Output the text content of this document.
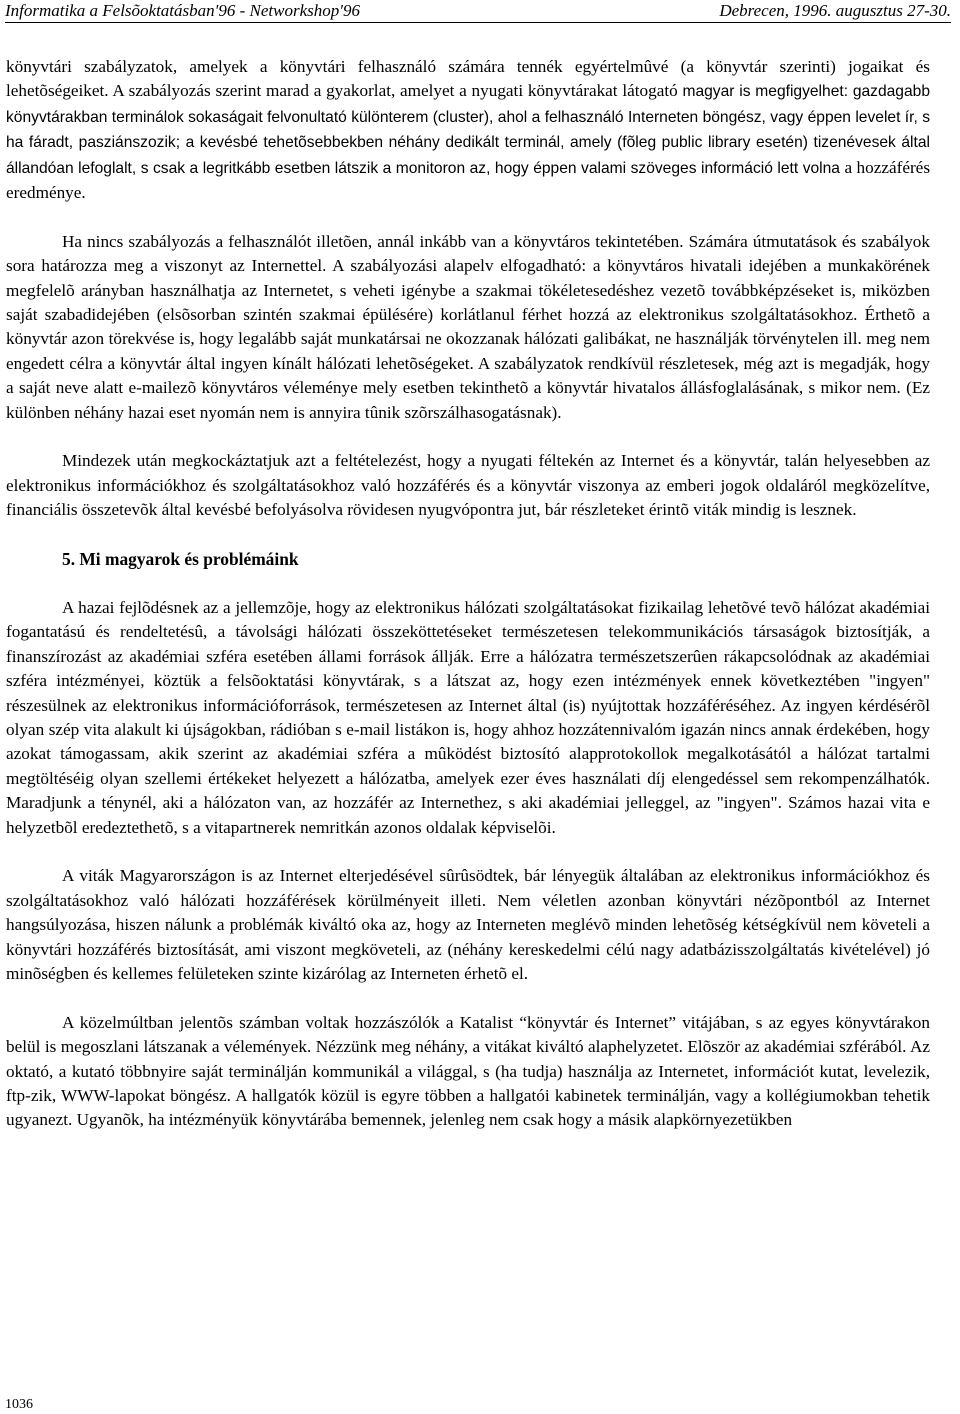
Informatika a Felsõoktatásban′96 - Networkshop′96	Debrecen, 1996. augusztus 27-30.

könyvtári szabályzatok, amelyek a könyvtári felhasználó számára tennék egyértelmûvé (a könyvtár szerinti) jogaikat és lehetõségeiket. A szabályozás szerint marad a gyakorlat, amelyet a nyugati könyvtárakat látogató magyar is megfigyelhet: gazdagabb könyvtárakban terminálok sokaságait felvonultató különterem (cluster), ahol a felhasználó Interneten böngész, vagy éppen levelet ír, s ha fáradt, pasziánszozik; a kevésbé tehetõsebbekben néhány dedikált terminál, amely (fõleg public library esetén) tizenévesek által állandóan lefoglalt, s csak a legritkább esetben látszik a monitoron az, hogy éppen valami szöveges információ lett volna a hozzáférés eredménye.

Ha nincs szabályozás a felhasználót illetõen, annál inkább van a könyvtáros tekintetében. Számára útmutatások és szabályok sora határozza meg a viszonyt az Internettel. A szabályozási alapelv elfogadható: a könyvtáros hivatali idejében a munkakörének megfelelõ arányban használhatja az Internetet, s veheti igénybe a szakmai tökéletesedéshez vezetõ továbbképzéseket is, miközben saját szabadidejében (elsõsorban szintén szakmai épülésére) korlátlanul férhet hozzá az elektronikus szolgáltatásokhoz. Érthetõ a könyvtár azon törekvése is, hogy legalább saját munkatársai ne okozzanak hálózati galibákat, ne használják törvénytelen ill. meg nem engedett célra a könyvtár által ingyen kínált hálózati lehetõségeket. A szabályzatok rendkívül részletesek, még azt is megadják, hogy a saját neve alatt e-mailezõ könyvtáros véleménye mely esetben tekinthetõ a könyvtár hivatalos állásfoglalásának, s mikor nem. (Ez különben néhány hazai eset nyomán nem is annyira tûnik szõrszálhasogatásnak).

Mindezek után megkockáztatjuk azt a feltételezést, hogy a nyugati féltekén az Internet és a könyvtár, talán helyesebben az elektronikus információkhoz és szolgáltatásokhoz való hozzáférés és a könyvtár viszonya az emberi jogok oldaláról megközelítve, financiális összetevõk által kevésbé befolyásolva rövidesen nyugvópontra jut, bár részleteket érintõ viták mindig is lesznek.

5. Mi magyarok és problémáink

A hazai fejlõdésnek az a jellemzõje, hogy az elektronikus hálózati szolgáltatásokat fizikailag lehetõvé tevõ hálózat akadémiai fogantatású és rendeltetésû, a távolsági hálózati összeköttetéseket természetesen telekommunikációs társaságok biztosítják, a finanszírozást az akadémiai szféra esetében állami források állják. Erre a hálózatra természetszerûen rákapcsolódnak az akadémiai szféra intézményei, köztük a felsõoktatási könyvtárak, s a látszat az, hogy ezen intézmények ennek következtében "ingyen" részesülnek az elektronikus információforrások, természetesen az Internet által (is) nyújtottak hozzáféréséhez. Az ingyen kérdésérõl olyan szép vita alakult ki újságokban, rádióban s e-mail listákon is, hogy ahhoz hozzátennivalóm igazán nincs annak érdekében, hogy azokat támogassam, akik szerint az akadémiai szféra a mûködést biztosító alapprotokollok megalkotásától a hálózat tartalmi megtöltéséig olyan szellemi értékeket helyezett a hálózatba, amelyek ezer éves használati díj elengedéssel sem rekompenzálhatók. Maradjunk a ténynél, aki a hálózaton van, az hozzáfér az Internethez, s aki akadémiai jelleggel, az "ingyen". Számos hazai vita e helyzetbõl eredeztethetõ, s a vitapartnerek nemritkán azonos oldalak képviselõi.

A viták Magyarországon is az Internet elterjedésével sûrûsödtek, bár lényegük általában az elektronikus információkhoz és szolgáltatásokhoz való hálózati hozzáférések körülményeit illeti. Nem véletlen azonban könyvtári nézõpontból az Internet hangsúlyozása, hiszen nálunk a problémák kiváltó oka az, hogy az Interneten meglévõ minden lehetõség kétségkívül nem követeli a könyvtári hozzáférés biztosítását, ami viszont megköveteli, az (néhány kereskedelmi célú nagy adatbázisszolgáltatás kivételével) jó minõségben és kellemes felületeken szinte kizárólag az Interneten érhetõ el.

A közelmúltban jelentõs számban voltak hozzászólók a Katalist “könyvtár és Internet” vitájában, s az egyes könyvtárakon belül is megoszlani látszanak a vélemények. Nézzünk meg néhány, a vitákat kiváltó alaphelyzetet. Elõször az akadémiai szférából. Az oktató, a kutató többnyire saját terminálján kommunikál a világgal, s (ha tudja) használja az Internetet, információt kutat, levelezik, ftp-zik, WWW-lapokat böngész. A hallgatók közül is egyre többen a hallgatói kabinetek terminálján, vagy a kollégiumokban tehetik ugyanezt. Ugyanõk, ha intézményük könyvtárába bemennek, jelenleg nem csak hogy a másik alapkörnyezetükben

1036
